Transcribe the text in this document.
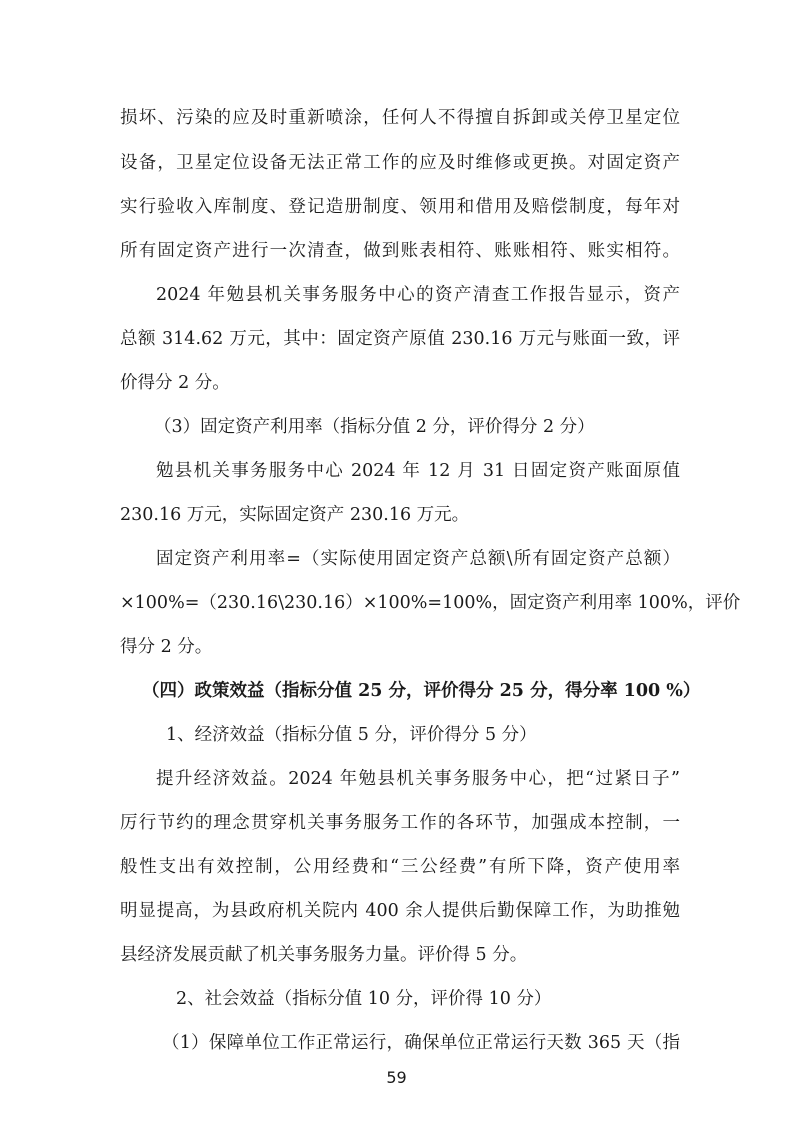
损坏、污染的应及时重新喷涂，任何人不得擅自拆卸或关停卫星定位
设备，卫星定位设备无法正常工作的应及时维修或更换。对固定资产
实行验收入库制度、登记造册制度、领用和借用及赔偿制度，每年对
所有固定资产进行一次清查，做到账表相符、账账相符、账实相符。
2024 年勉县机关事务服务中心的资产清查工作报告显示，资产
总额 314.62 万元，其中：固定资产原值 230.16 万元与账面一致，评
价得分 2 分。
（3）固定资产利用率（指标分值 2 分，评价得分 2 分）
勉县机关事务服务中心 2024 年 12 月 31 日固定资产账面原值
230.16 万元，实际固定资产 230.16 万元。
固定资产利用率=（实际使用固定资产总额\所有固定资产总额）
×100%=（230.16\230.16）×100%=100%，固定资产利用率 100%，评价
得分 2 分。
（四）政策效益（指标分值 25 分，评价得分 25 分，得分率 100 %）
1、经济效益（指标分值 5 分，评价得分 5 分）
提升经济效益。2024 年勉县机关事务服务中心，把“过紧日子”
厉行节约的理念贯穿机关事务服务工作的各环节，加强成本控制，一
般性支出有效控制，公用经费和“三公经费”有所下降，资产使用率
明显提高，为县政府机关院内 400 余人提供后勤保障工作，为助推勉
县经济发展贡献了机关事务服务力量。评价得 5 分。
2、社会效益（指标分值 10 分，评价得 10 分）
（1）保障单位工作正常运行，确保单位正常运行天数 365 天（指
59
